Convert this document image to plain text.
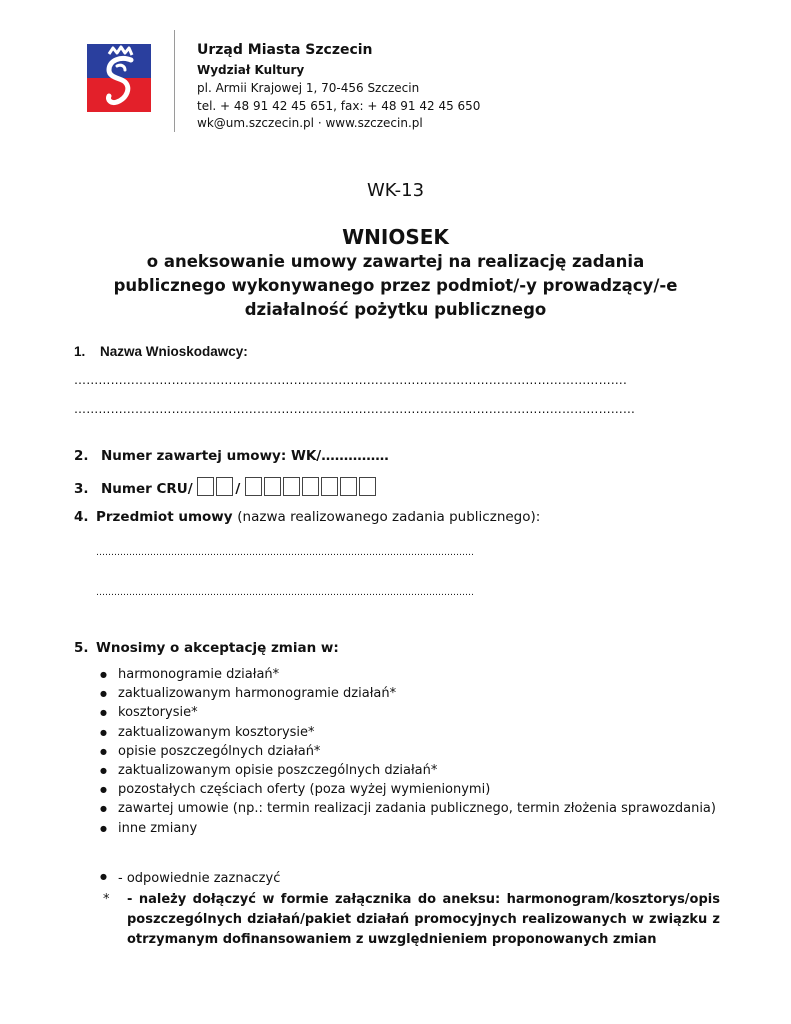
Urząd Miasta Szczecin
Wydział Kultury
pl. Armii Krajowej 1, 70-456 Szczecin
tel. + 48 91 42 45 651, fax: + 48 91 42 45 650
wk@um.szczecin.pl · www.szczecin.pl
WK-13
WNIOSEK
o aneksowanie umowy zawartej na realizację zadania publicznego wykonywanego przez podmiot/-y prowadzący/-e działalność pożytku publicznego
1. Nazwa Wnioskodawcy:
……………………………………………………………………………………………………………………….
………………………………………………………………………………………………………………………...
2. Numer zawartej umowy: WK/……………
3. Numer CRU/	/
4. Przedmiot umowy (nazwa realizowanego zadania publicznego):
………………………………………………………………………………………………………………
………………………………………………………………………………………………………………
5. Wnosimy o akceptację zmian w:
● harmonogramie działań*
● zaktualizowanym harmonogramie działań*
● kosztorysie*
● zaktualizowanym kosztorysie*
● opisie poszczególnych działań*
● zaktualizowanym opisie poszczególnych działań*
● pozostałych częściach oferty (poza wyżej wymienionymi)
● zawartej umowie (np.: termin realizacji zadania publicznego, termin złożenia sprawozdania)
● inne zmiany
● - odpowiednie zaznaczyć
* - należy dołączyć w formie załącznika do aneksu: harmonogram/kosztorys/opis poszczególnych działań/pakiet działań promocyjnych realizowanych w związku z otrzymanym dofinansowaniem z uwzględnieniem proponowanych zmian
